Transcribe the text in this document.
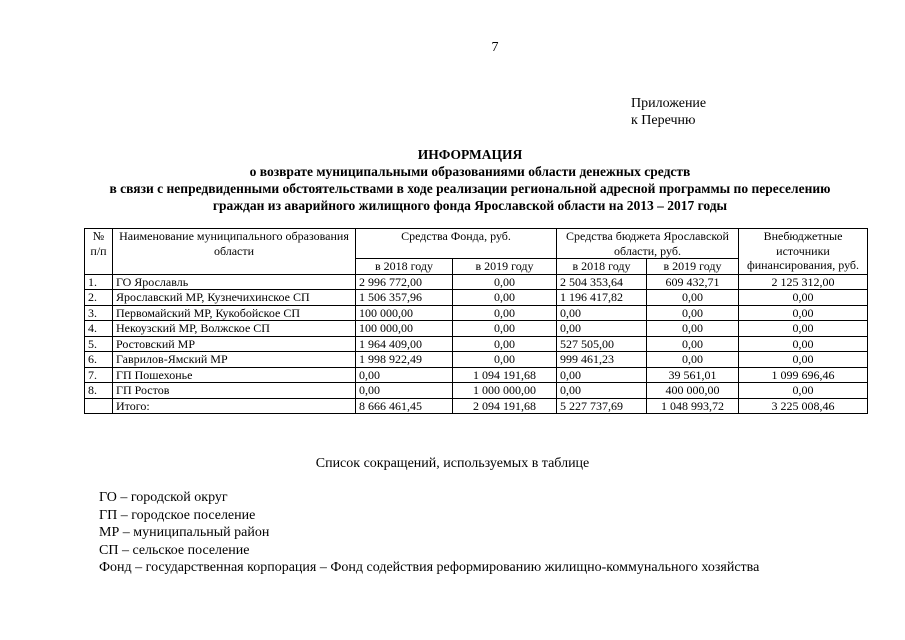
7
Приложение
к Перечню
ИНФОРМАЦИЯ
о возврате муниципальными образованиями области денежных средств
в связи с непредвиденными обстоятельствами в ходе реализации региональной адресной программы по переселению
граждан из аварийного жилищного фонда Ярославской области на 2013 – 2017 годы
№ п/п	Наименование муниципального образования области	Средства Фонда, руб.		Средства бюджета Ярославской области, руб.		Внебюджетные источники финансирования, руб.
		в 2018 году	в 2019 году	в 2018 году	в 2019 году	
1.	ГО Ярославль	2 996 772,00	0,00	2 504 353,64	609 432,71	2 125 312,00
2.	Ярославский МР, Кузнечихинское СП	1 506 357,96	0,00	1 196 417,82	0,00	0,00
3.	Первомайский МР, Кукобойское СП	100 000,00	0,00	0,00	0,00	0,00
4.	Некоузский МР, Волжское СП	100 000,00	0,00	0,00	0,00	0,00
5.	Ростовский МР	1 964 409,00	0,00	527 505,00	0,00	0,00
6.	Гаврилов-Ямский МР	1 998 922,49	0,00	999 461,23	0,00	0,00
7.	ГП Пошехонье	0,00	1 094 191,68	0,00	39 561,01	1 099 696,46
8.	ГП Ростов	0,00	1 000 000,00	0,00	400 000,00	0,00
	Итого:	8 666 461,45	2 094 191,68	5 227 737,69	1 048 993,72	3 225 008,46
Список сокращений, используемых в таблице
ГО – городской округ
ГП – городское поселение
МР – муниципальный район
СП – сельское поселение
Фонд – государственная корпорация – Фонд содействия реформированию жилищно-коммунального хозяйства
